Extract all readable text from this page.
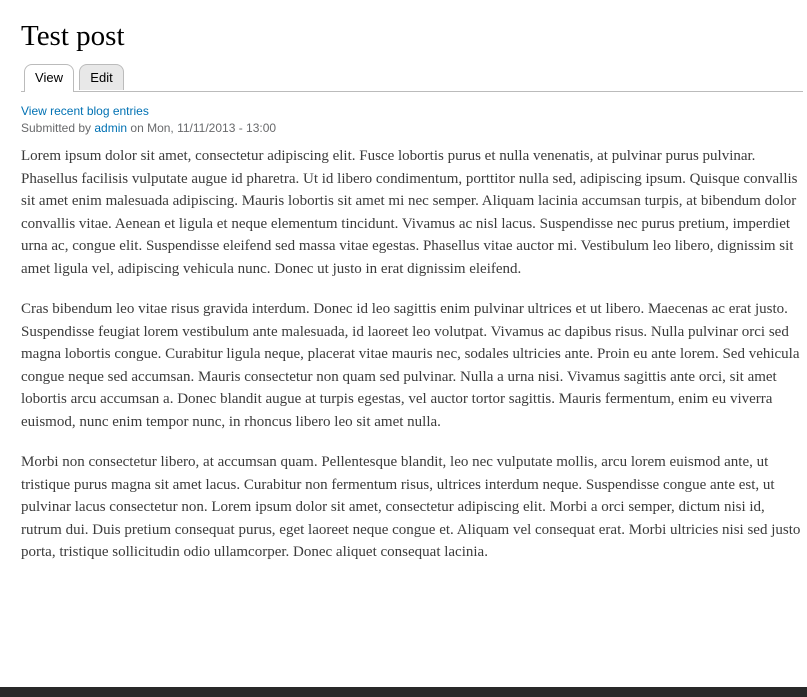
Test post
View	Edit
View recent blog entries
Submitted by admin on Mon, 11/11/2013 - 13:00

Lorem ipsum dolor sit amet, consectetur adipiscing elit. Fusce lobortis purus et nulla venenatis, at pulvinar purus pulvinar. Phasellus facilisis vulputate augue id pharetra. Ut id libero condimentum, porttitor nulla sed, adipiscing ipsum. Quisque convallis sit amet enim malesuada adipiscing. Mauris lobortis sit amet mi nec semper. Aliquam lacinia accumsan turpis, at bibendum dolor convallis vitae. Aenean et ligula et neque elementum tincidunt. Vivamus ac nisl lacus. Suspendisse nec purus pretium, imperdiet urna ac, congue elit. Suspendisse eleifend sed massa vitae egestas. Phasellus vitae auctor mi. Vestibulum leo libero, dignissim sit amet ligula vel, adipiscing vehicula nunc. Donec ut justo in erat dignissim eleifend.

Cras bibendum leo vitae risus gravida interdum. Donec id leo sagittis enim pulvinar ultrices et ut libero. Maecenas ac erat justo. Suspendisse feugiat lorem vestibulum ante malesuada, id laoreet leo volutpat. Vivamus ac dapibus risus. Nulla pulvinar orci sed magna lobortis congue. Curabitur ligula neque, placerat vitae mauris nec, sodales ultricies ante. Proin eu ante lorem. Sed vehicula congue neque sed accumsan. Mauris consectetur non quam sed pulvinar. Nulla a urna nisi. Vivamus sagittis ante orci, sit amet lobortis arcu accumsan a. Donec blandit augue at turpis egestas, vel auctor tortor sagittis. Mauris fermentum, enim eu viverra euismod, nunc enim tempor nunc, in rhoncus libero leo sit amet nulla.

Morbi non consectetur libero, at accumsan quam. Pellentesque blandit, leo nec vulputate mollis, arcu lorem euismod ante, ut tristique purus magna sit amet lacus. Curabitur non fermentum risus, ultrices interdum neque. Suspendisse congue ante est, ut pulvinar lacus consectetur non. Lorem ipsum dolor sit amet, consectetur adipiscing elit. Morbi a orci semper, dictum nisi id, rutrum dui. Duis pretium consequat purus, eget laoreet neque congue et. Aliquam vel consequat erat. Morbi ultricies nisi sed justo porta, tristique sollicitudin odio ullamcorper. Donec aliquet consequat lacinia.
